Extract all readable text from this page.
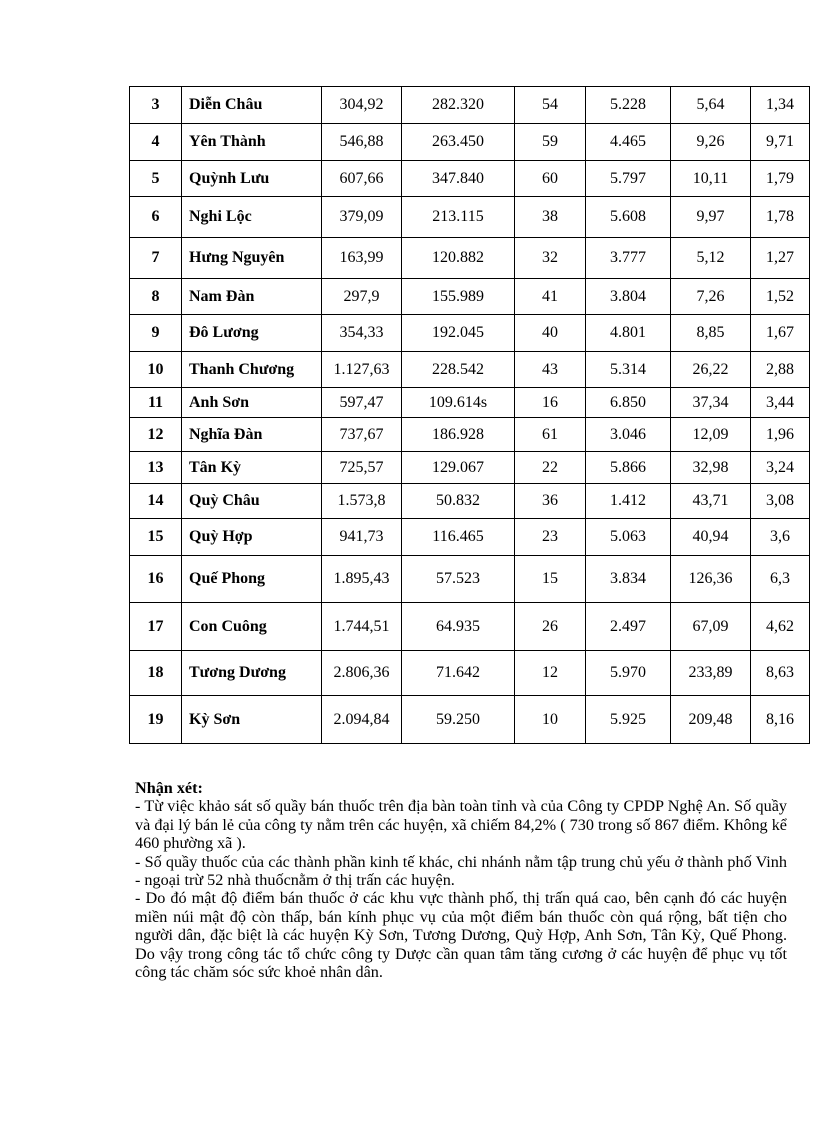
3	Diễn Châu	304,92	282.320	54	5.228	5,64	1,34
4	Yên Thành	546,88	263.450	59	4.465	9,26	9,71
5	Quỳnh Lưu	607,66	347.840	60	5.797	10,11	1,79
6	Nghi Lộc	379,09	213.115	38	5.608	9,97	1,78
7	Hưng Nguyên	163,99	120.882	32	3.777	5,12	1,27
8	Nam Đàn	297,9	155.989	41	3.804	7,26	1,52
9	Đô Lương	354,33	192.045	40	4.801	8,85	1,67
10	Thanh Chương	1.127,63	228.542	43	5.314	26,22	2,88
11	Anh Sơn	597,47	109.614s	16	6.850	37,34	3,44
12	Nghĩa Đàn	737,67	186.928	61	3.046	12,09	1,96
13	Tân Kỳ	725,57	129.067	22	5.866	32,98	3,24
14	Quỳ Châu	1.573,8	50.832	36	1.412	43,71	3,08
15	Quỳ Hợp	941,73	116.465	23	5.063	40,94	3,6
16	Quế Phong	1.895,43	57.523	15	3.834	126,36	6,3
17	Con Cuông	1.744,51	64.935	26	2.497	67,09	4,62
18	Tương Dương	2.806,36	71.642	12	5.970	233,89	8,63
19	Kỳ Sơn	2.094,84	59.250	10	5.925	209,48	8,16
Nhận xét:

- Từ việc khảo sát số quầy bán thuốc trên địa bàn toàn tỉnh và của Công ty CPDP Nghệ An. Số quầy và đại lý bán lẻ của công ty nằm trên các huyện, xã chiếm 84,2% ( 730 trong số 867 điểm. Không kể 460 phường xã ).

- Số quầy thuốc của các thành phần kinh tế khác, chi nhánh nằm tập trung chủ yếu ở thành phố Vinh - ngoại trừ 52 nhà thuốcnằm ở thị trấn các huyện.

- Do đó mật độ điểm bán thuốc ở các khu vực thành phố, thị trấn quá cao, bên cạnh đó các huyện miền núi mật độ còn thấp, bán kính phục vụ của một điểm bán thuốc còn quá rộng, bất tiện cho người dân, đặc biệt là các huyện Kỳ Sơn, Tương Dương, Quỳ Hợp, Anh Sơn, Tân Kỳ, Quế Phong. Do vậy trong công tác tổ chức công ty Dược cần quan tâm tăng cương ở các huyện để phục vụ tốt công tác chăm sóc sức khoẻ nhân dân.
